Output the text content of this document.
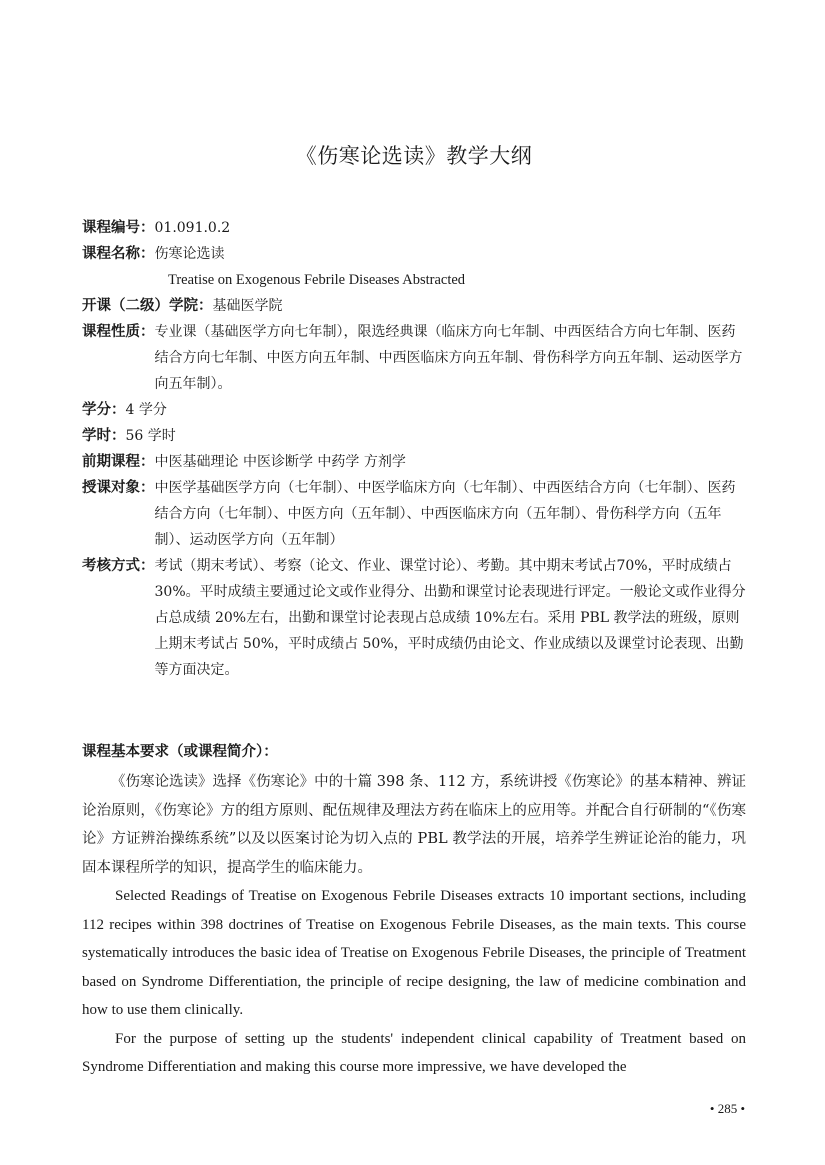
《伤寒论选读》教学大纲
课程编号： 01.091.0.2
课程名称： 伤寒论选读
Treatise on Exogenous Febrile Diseases Abstracted
开课（二级）学院： 基础医学院
课程性质： 专业课（基础医学方向七年制），限选经典课（临床方向七年制、中西医结合方向七年制、医药结合方向七年制、中医方向五年制、中西医临床方向五年制、骨伤科学方向五年制、运动医学方向五年制）。
学分： 4 学分
学时： 56 学时
前期课程： 中医基础理论 中医诊断学 中药学 方剂学
授课对象： 中医学基础医学方向（七年制）、中医学临床方向（七年制）、中西医结合方向（七年制）、医药结合方向（七年制）、中医方向（五年制）、中西医临床方向（五年制）、骨伤科学方向（五年制）、运动医学方向（五年制）
考核方式： 考试（期末考试）、考察（论文、作业、课堂讨论）、考勤。其中期末考试占70%，平时成绩占 30%。平时成绩主要通过论文或作业得分、出勤和课堂讨论表现进行评定。一般论文或作业得分占总成绩 20%左右，出勤和课堂讨论表现占总成绩 10%左右。采用 PBL 教学法的班级，原则上期末考试占 50%，平时成绩占 50%，平时成绩仍由论文、作业成绩以及课堂讨论表现、出勤等方面决定。
课程基本要求（或课程简介）：

《伤寒论选读》选择《伤寒论》中的十篇 398 条、112 方，系统讲授《伤寒论》的基本精神、辨证论治原则，《伤寒论》方的组方原则、配伍规律及理法方药在临床上的应用等。并配合自行研制的“《伤寒论》方证辨治操练系统”以及以医案讨论为切入点的 PBL 教学法的开展，培养学生辨证论治的能力，巩固本课程所学的知识，提高学生的临床能力。

Selected Readings of Treatise on Exogenous Febrile Diseases extracts 10 important sections, including 112 recipes within 398 doctrines of Treatise on Exogenous Febrile Diseases, as the main texts. This course systematically introduces the basic idea of Treatise on Exogenous Febrile Diseases, the principle of Treatment based on Syndrome Differentiation, the principle of recipe designing, the law of medicine combination and how to use them clinically.

For the purpose of setting up the students' independent clinical capability of Treatment based on Syndrome Differentiation and making this course more impressive, we have developed the

• 285 •
